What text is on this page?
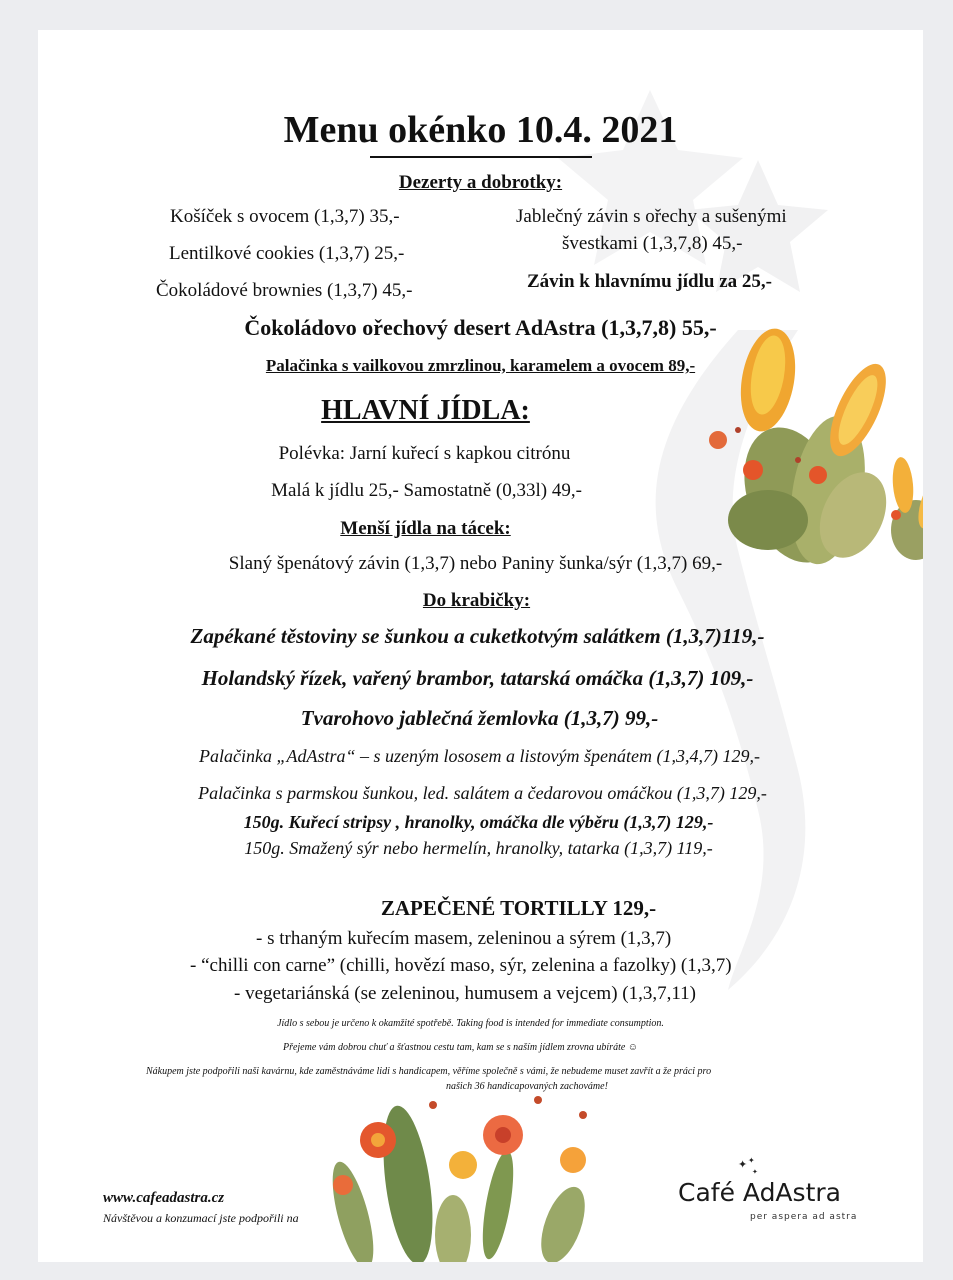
Menu okénko 10.4. 2021
Dezerty a dobrotky:
Košíček s ovocem (1,3,7) 35,-
Lentilkové cookies (1,3,7) 25,-
Čokoládové brownies (1,3,7) 45,-
Jablečný závin s ořechy a sušenými
švestkami (1,3,7,8) 45,-
Závin k hlavnímu jídlu za 25,-
Čokoládovo ořechový desert AdAstra (1,3,7,8) 55,-
Palačinka s vailkovou zmrzlinou, karamelem a ovocem 89,-
HLAVNÍ JÍDLA:
Polévka: Jarní kuřecí s kapkou citrónu
Malá k jídlu 25,- Samostatně (0,33l) 49,-
Menší jídla na tácek:
Slaný špenátový závin (1,3,7) nebo Paniny šunka/sýr (1,3,7) 69,-
Do krabičky:
Zapékané těstoviny se šunkou a cuketkotvým salátkem (1,3,7)119,-
Holandský řízek, vařený brambor, tatarská omáčka (1,3,7) 109,-
Tvarohovo jablečná žemlovka (1,3,7) 99,-
Palačinka „AdAstra“ – s uzeným lososem a listovým špenátem (1,3,4,7) 129,-
Palačinka s parmskou šunkou, led. salátem a čedarovou omáčkou (1,3,7) 129,-
150g. Kuřecí stripsy , hranolky, omáčka dle výběru (1,3,7) 129,-
150g. Smažený sýr nebo hermelín, hranolky, tatarka (1,3,7) 119,-
ZAPEČENÉ TORTILLY 129,-
- s trhaným kuřecím masem, zeleninou a sýrem (1,3,7)
- “chilli con carne” (chilli, hovězí maso, sýr, zelenina a fazolky) (1,3,7)
- vegetariánská (se zeleninou, humusem a vejcem) (1,3,7,11)
Jídlo s sebou je určeno k okamžité spotřebě. Taking food is intended for immediate consumption.
Přejeme vám dobrou chuť a šťastnou cestu tam, kam se s naším jídlem zrovna ubíráte ☺
Nákupem jste podpořili naši kavárnu, kde zaměstnáváme lidi s handicapem, věříme společně s vámi, že nebudeme muset zavřít a že práci pro
našich 36 handicapovaných zachováme!
www.cafeadastra.cz
Návštěvou a konzumací jste podpořili na
✦ ✦
✦
Café AdAstra
per aspera ad astra
